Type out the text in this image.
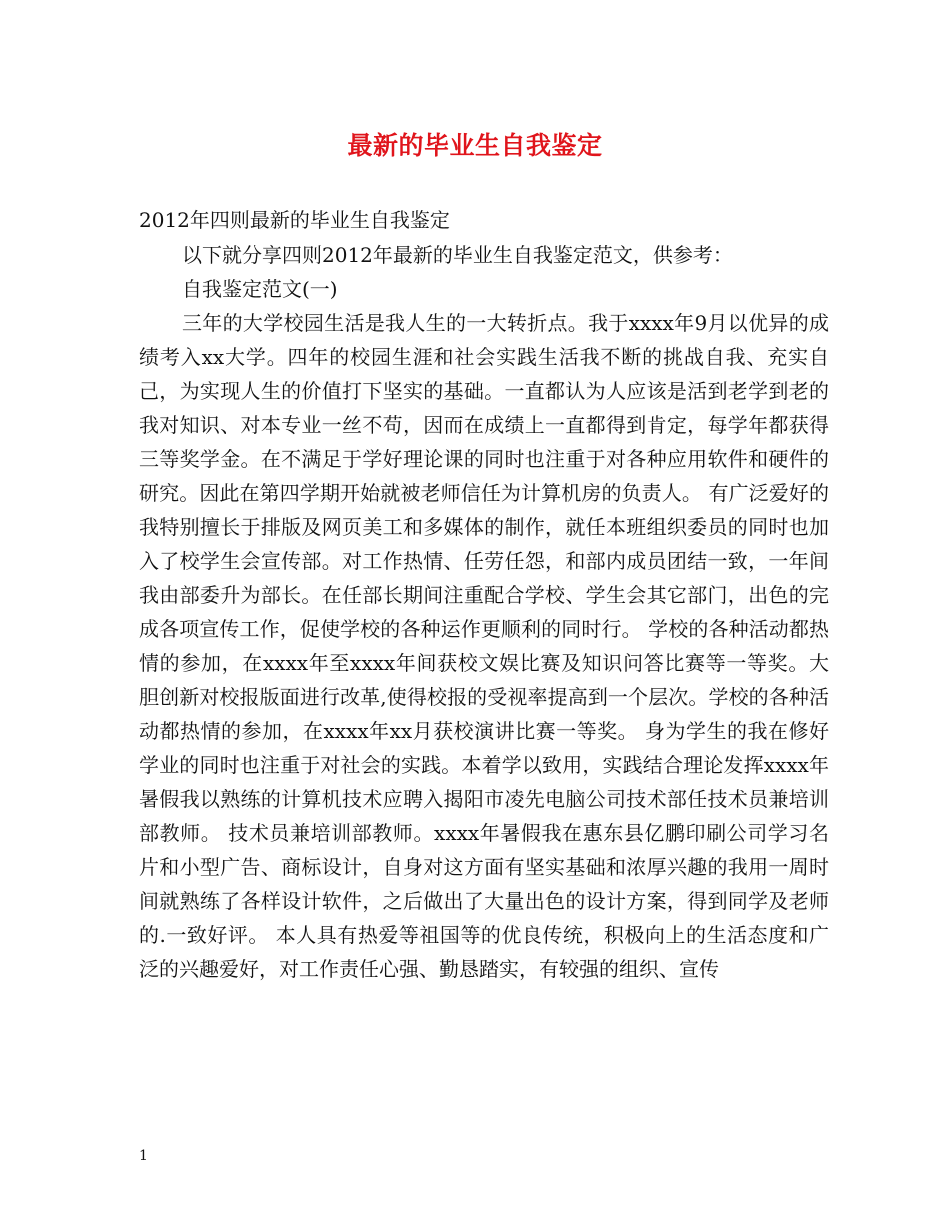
最新的毕业生自我鉴定
2012年四则最新的毕业生自我鉴定

以下就分享四则2012年最新的毕业生自我鉴定范文，供参考：

自我鉴定范文(一)

三年的大学校园生活是我人生的一大转折点。我于xxxx年9月以优异的成绩考入xx大学。四年的校园生涯和社会实践生活我不断的挑战自我、充实自己，为实现人生的价值打下坚实的基础。一直都认为人应该是活到老学到老的我对知识、对本专业一丝不苟，因而在成绩上一直都得到肯定，每学年都获得三等奖学金。在不满足于学好理论课的同时也注重于对各种应用软件和硬件的研究。因此在第四学期开始就被老师信任为计算机房的负责人。 有广泛爱好的我特别擅长于排版及网页美工和多媒体的制作，就任本班组织委员的同时也加入了校学生会宣传部。对工作热情、任劳任怨，和部内成员团结一致，一年间我由部委升为部长。在任部长期间注重配合学校、学生会其它部门，出色的完成各项宣传工作，促使学校的各种运作更顺利的同时行。 学校的各种活动都热情的参加，在xxxx年至xxxx年间获校文娱比赛及知识问答比赛等一等奖。大胆创新对校报版面进行改革,使得校报的受视率提高到一个层次。学校的各种活动都热情的参加，在xxxx年xx月获校演讲比赛一等奖。 身为学生的我在修好学业的同时也注重于对社会的实践。本着学以致用，实践结合理论发挥xxxx年暑假我以熟练的计算机技术应聘入揭阳市凌先电脑公司技术部任技术员兼培训部教师。 技术员兼培训部教师。xxxx年暑假我在惠东县亿鹏印刷公司学习名片和小型广告、商标设计，自身对这方面有坚实基础和浓厚兴趣的我用一周时间就熟练了各样设计软件，之后做出了大量出色的设计方案，得到同学及老师的.一致好评。 本人具有热爱等祖国等的优良传统，积极向上的生活态度和广泛的兴趣爱好，对工作责任心强、勤恳踏实，有较强的组织、宣传

1
